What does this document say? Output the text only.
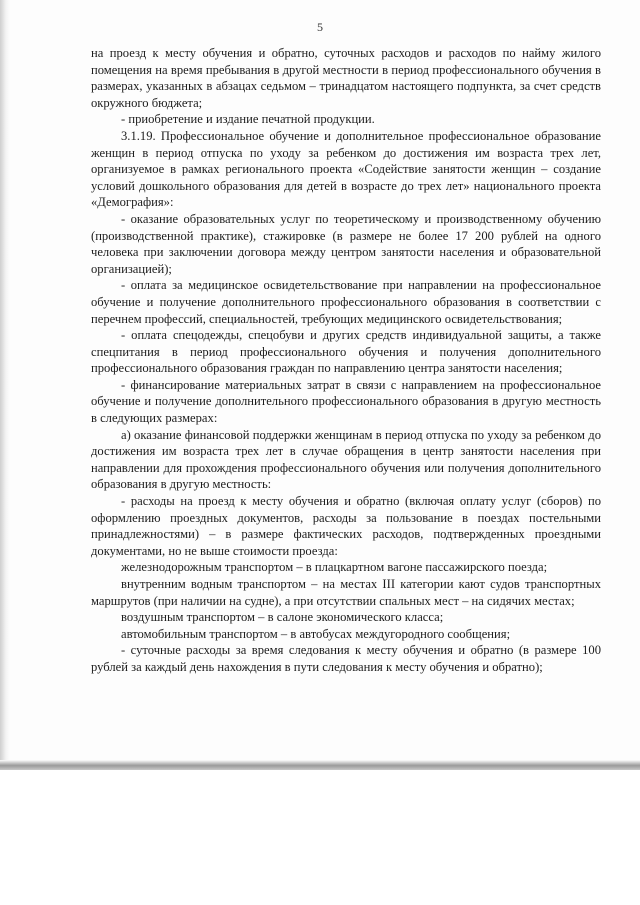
5

на проезд к месту обучения и обратно, суточных расходов и расходов по найму жилого помещения на время пребывания в другой местности в период профессионального обучения в размерах, указанных в абзацах седьмом – тринадцатом настоящего подпункта, за счет средств окружного бюджета;

- приобретение и издание печатной продукции.

3.1.19. Профессиональное обучение и дополнительное профессиональное образование женщин в период отпуска по уходу за ребенком до достижения им возраста трех лет, организуемое в рамках регионального проекта «Содействие занятости женщин – создание условий дошкольного образования для детей в возрасте до трех лет» национального проекта «Демография»:

- оказание образовательных услуг по теоретическому и производственному обучению (производственной практике), стажировке (в размере не более 17 200 рублей на одного человека при заключении договора между центром занятости населения и образовательной организацией);

- оплата за медицинское освидетельствование при направлении на профессиональное обучение и получение дополнительного профессионального образования в соответствии с перечнем профессий, специальностей, требующих медицинского освидетельствования;

- оплата спецодежды, спецобуви и других средств индивидуальной защиты, а также спецпитания в период профессионального обучения и получения дополнительного профессионального образования граждан по направлению центра занятости населения;

- финансирование материальных затрат в связи с направлением на профессиональное обучение и получение дополнительного профессионального образования в другую местность в следующих размерах:

а) оказание финансовой поддержки женщинам в период отпуска по уходу за ребенком до достижения им возраста трех лет в случае обращения в центр занятости населения при направлении для прохождения профессионального обучения или получения дополнительного образования в другую местность:

- расходы на проезд к месту обучения и обратно (включая оплату услуг (сборов) по оформлению проездных документов, расходы за пользование в поездах постельными принадлежностями) – в размере фактических расходов, подтвержденных проездными документами, но не выше стоимости проезда:

железнодорожным транспортом – в плацкартном вагоне пассажирского поезда;

внутренним водным транспортом – на местах III категории кают судов транспортных маршрутов (при наличии на судне), а при отсутствии спальных мест – на сидячих местах;

воздушным транспортом – в салоне экономического класса;

автомобильным транспортом – в автобусах междугородного сообщения;

- суточные расходы за время следования к месту обучения и обратно (в размере 100 рублей за каждый день нахождения в пути следования к месту обучения и обратно);
